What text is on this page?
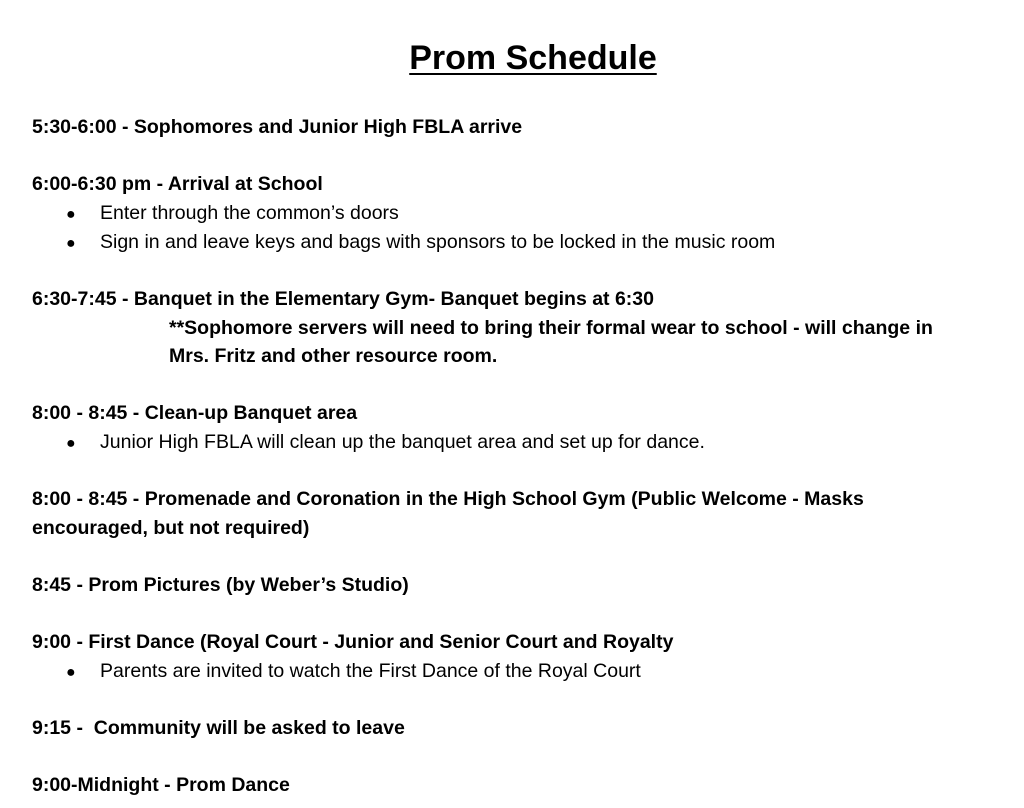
Prom Schedule
5:30-6:00 - Sophomores and Junior High FBLA arrive
6:00-6:30 pm - Arrival at School
● Enter through the common’s doors
● Sign in and leave keys and bags with sponsors to be locked in the music room
6:30-7:45 - Banquet in the Elementary Gym- Banquet begins at 6:30
**Sophomore servers will need to bring their formal wear to school - will change in
Mrs. Fritz and other resource room.
8:00 - 8:45 - Clean-up Banquet area
● Junior High FBLA will clean up the banquet area and set up for dance.
8:00 - 8:45 - Promenade and Coronation in the High School Gym (Public Welcome - Masks
encouraged, but not required)
8:45 - Prom Pictures (by Weber’s Studio)
9:00 - First Dance (Royal Court - Junior and Senior Court and Royalty
● Parents are invited to watch the First Dance of the Royal Court
9:15 -  Community will be asked to leave
9:00-Midnight - Prom Dance
